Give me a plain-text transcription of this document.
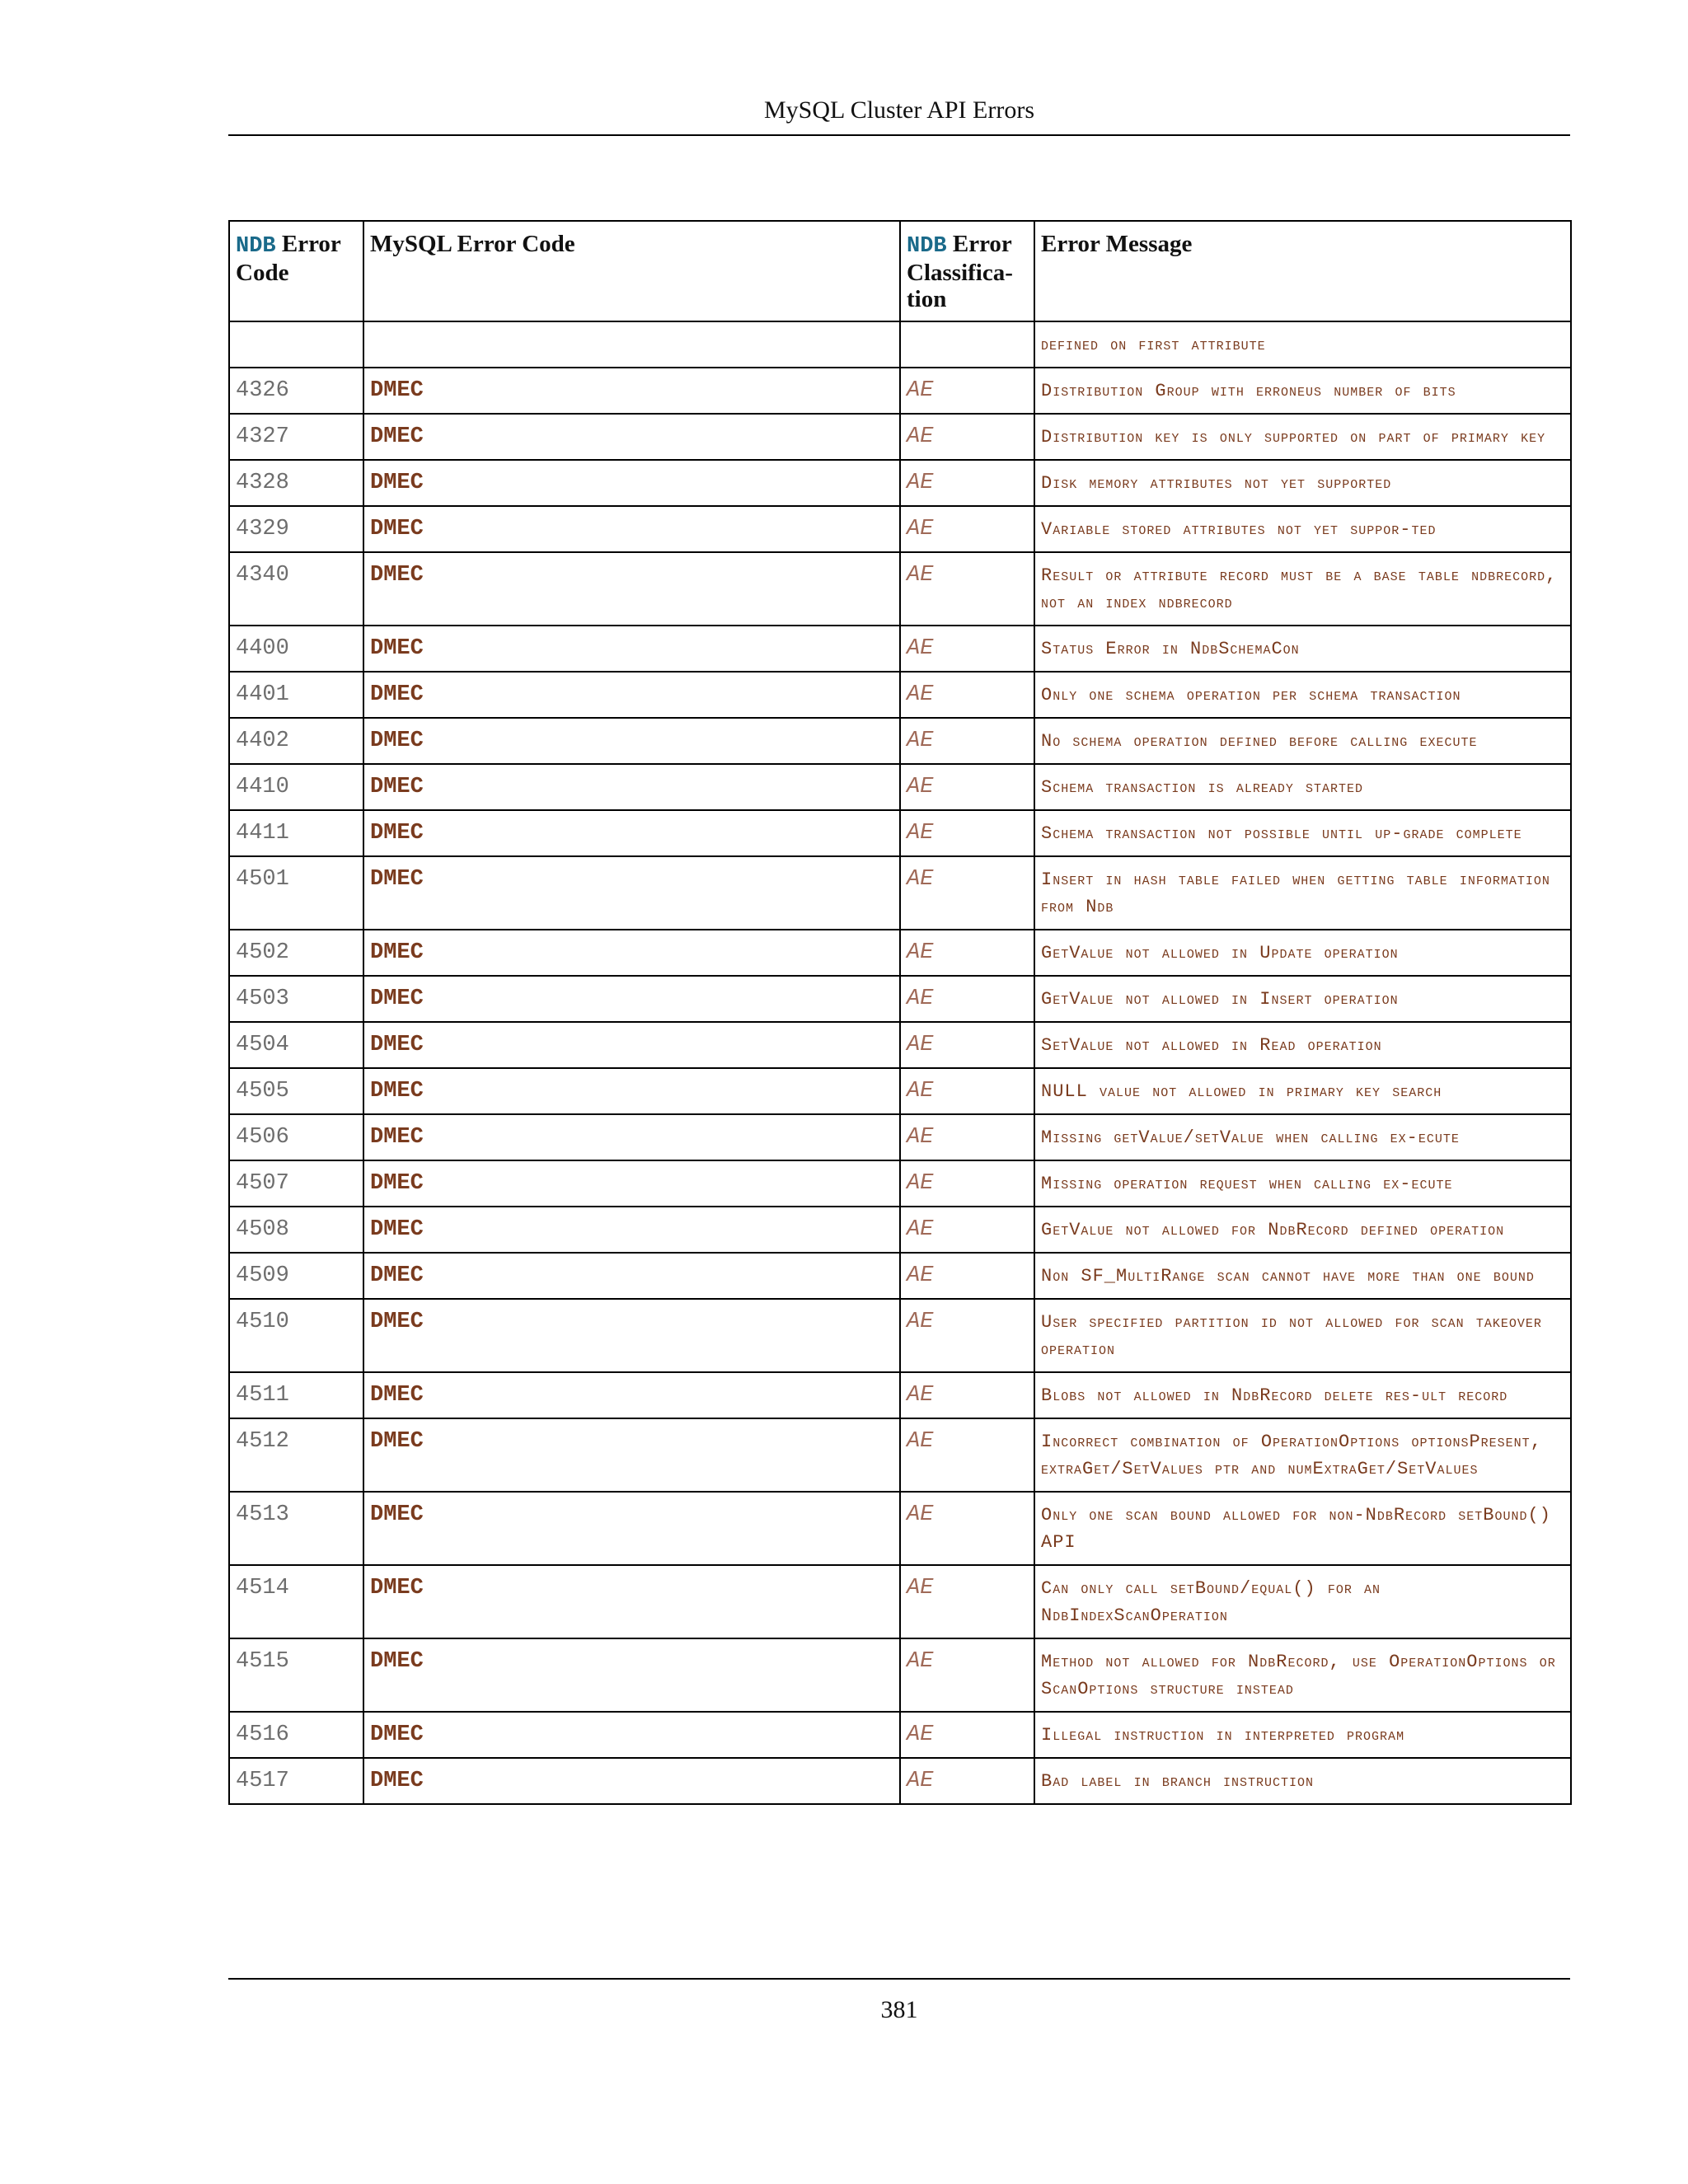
MySQL Cluster API Errors
NDB Error Code	MySQL Error Code	NDB Error Classifica-tion	Error Message
			defined on first attribute
4326	DMEC	AE	Distribution Group with erroneus number of bits
4327	DMEC	AE	Distribution key is only supported on part of primary key
4328	DMEC	AE	Disk memory attributes not yet supported
4329	DMEC	AE	Variable stored attributes not yet suppor-ted
4340	DMEC	AE	Result or attribute record must be a base table ndbrecord, not an index ndbrecord
4400	DMEC	AE	Status Error in NdbSchemaCon
4401	DMEC	AE	Only one schema operation per schema transaction
4402	DMEC	AE	No schema operation defined before calling execute
4410	DMEC	AE	Schema transaction is already started
4411	DMEC	AE	Schema transaction not possible until up-grade complete
4501	DMEC	AE	Insert in hash table failed when getting table information from Ndb
4502	DMEC	AE	GetValue not allowed in Update operation
4503	DMEC	AE	GetValue not allowed in Insert operation
4504	DMEC	AE	SetValue not allowed in Read operation
4505	DMEC	AE	NULL value not allowed in primary key search
4506	DMEC	AE	Missing getValue/setValue when calling ex-ecute
4507	DMEC	AE	Missing operation request when calling ex-ecute
4508	DMEC	AE	GetValue not allowed for NdbRecord defined operation
4509	DMEC	AE	Non SF_MultiRange scan cannot have more than one bound
4510	DMEC	AE	User specified partition id not allowed for scan takeover operation
4511	DMEC	AE	Blobs not allowed in NdbRecord delete res-ult record
4512	DMEC	AE	Incorrect combination of OperationOptions optionsPresent, extraGet/SetValues ptr and numExtraGet/SetValues
4513	DMEC	AE	Only one scan bound allowed for non-NdbRecord setBound() API
4514	DMEC	AE	Can only call setBound/equal() for an NdbIndexScanOperation
4515	DMEC	AE	Method not allowed for NdbRecord, use OperationOptions or ScanOptions structure instead
4516	DMEC	AE	Illegal instruction in interpreted program
4517	DMEC	AE	Bad label in branch instruction
381
